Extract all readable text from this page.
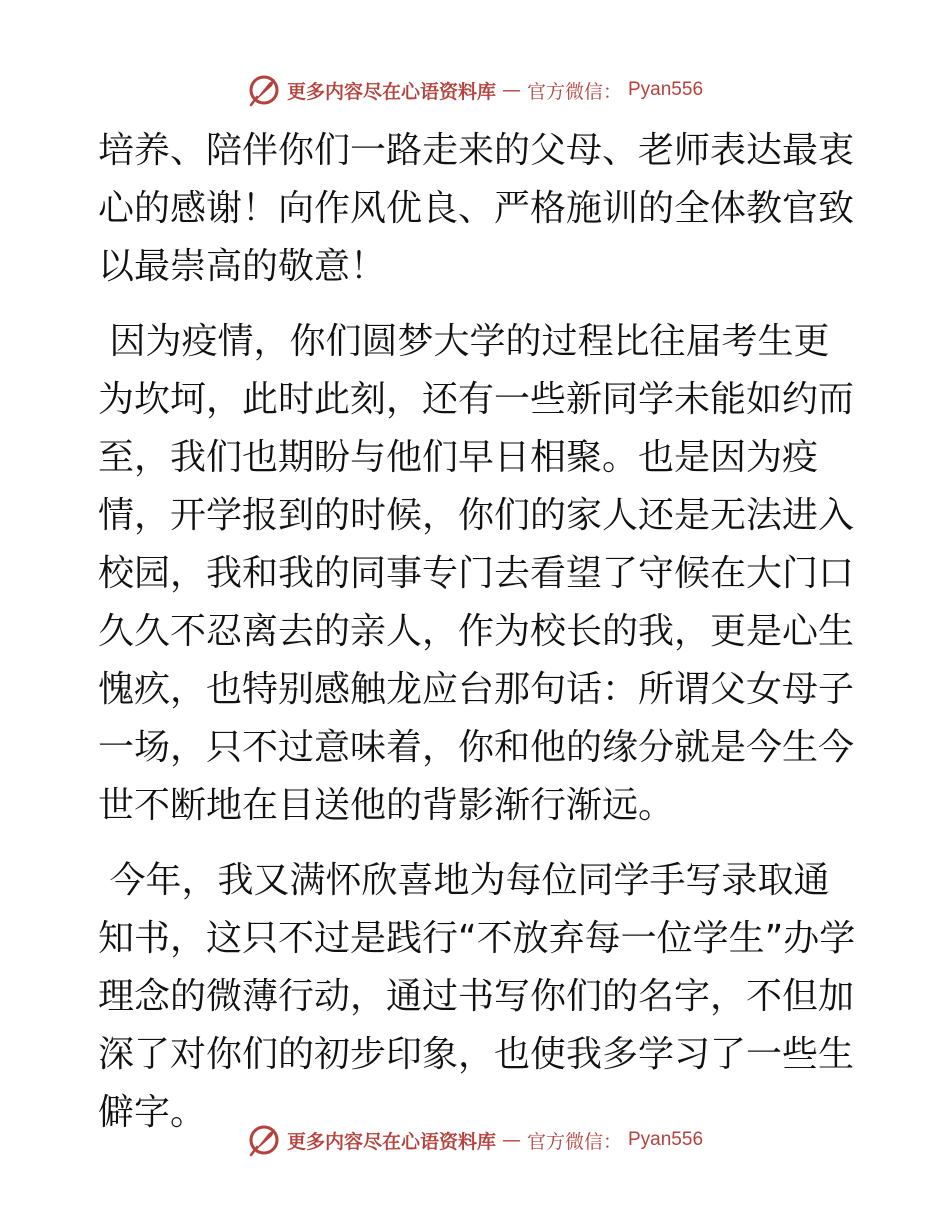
更多内容尽在心语资料库 — 官方微信： Pyan556

培养、陪伴你们一路走来的父母、老师表达最衷心的感谢！向作风优良、严格施训的全体教官致以最崇高的敬意！

因为疫情，你们圆梦大学的过程比往届考生更为坎坷，此时此刻，还有一些新同学未能如约而至，我们也期盼与他们早日相聚。也是因为疫情，开学报到的时候，你们的家人还是无法进入校园，我和我的同事专门去看望了守候在大门口久久不忍离去的亲人，作为校长的我，更是心生愧疚，也特别感触龙应台那句话：所谓父女母子一场，只不过意味着，你和他的缘分就是今生今世不断地在目送他的背影渐行渐远。

今年，我又满怀欣喜地为每位同学手写录取通知书，这只不过是践行“不放弃每一位学生”办学理念的微薄行动，通过书写你们的名字，不但加深了对你们的初步印象，也使我多学习了一些生僻字。

更多内容尽在心语资料库 — 官方微信： Pyan556
